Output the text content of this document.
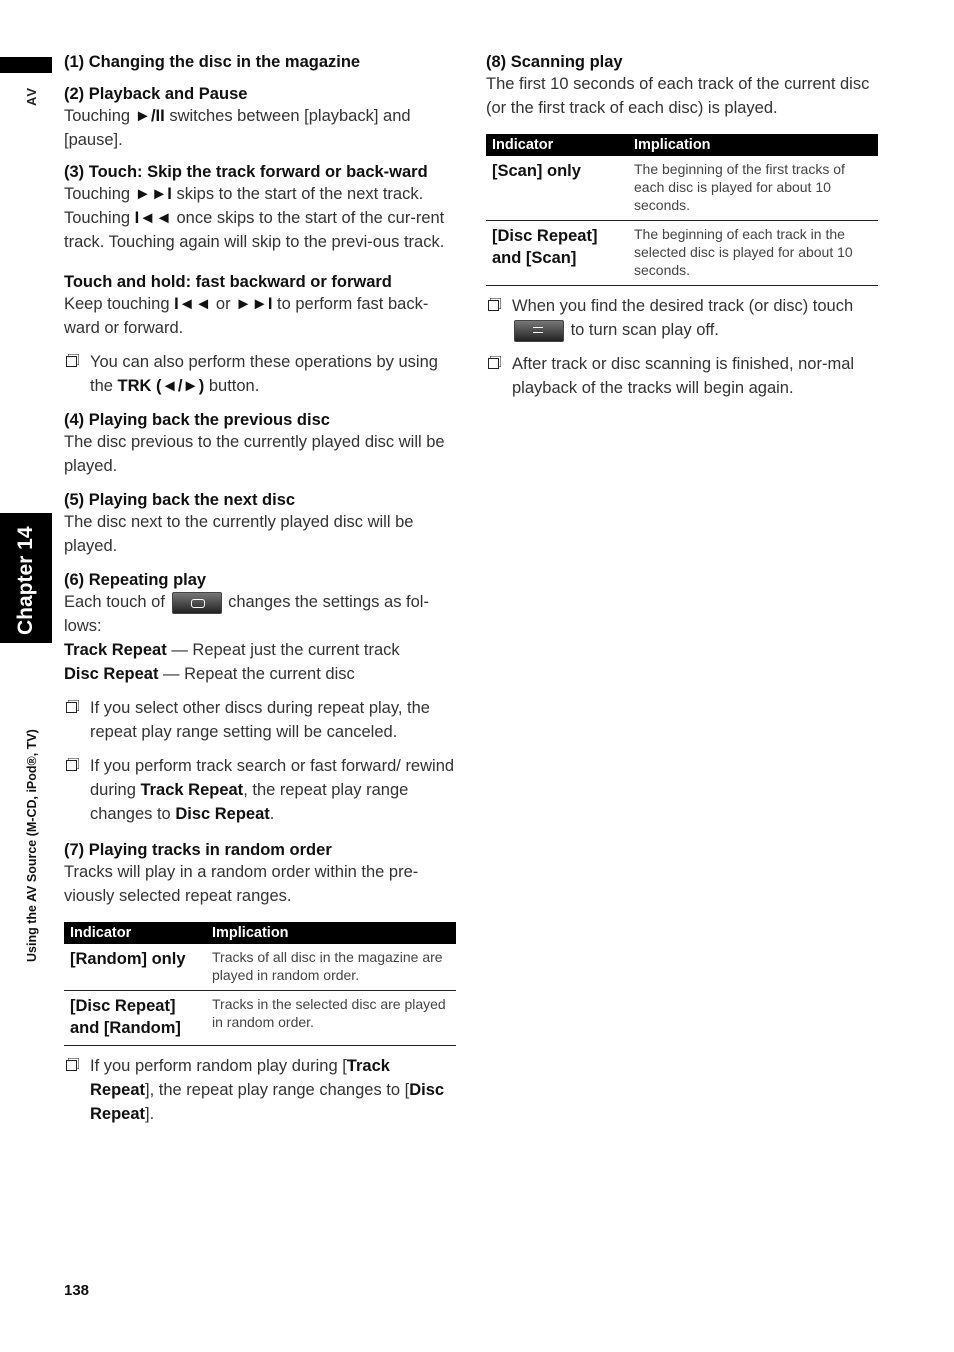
AV
Chapter 14
Using the AV Source (M-CD, iPod®, TV)
(1) Changing the disc in the magazine
(2) Playback and Pause

Touching ►/II switches between [playback] and [pause].

(3) Touch: Skip the track forward or back-ward

Touching ►►I skips to the start of the next track. Touching I◄◄ once skips to the start of the cur-rent track. Touching again will skip to the previ-ous track.

Touch and hold: fast backward or forward

Keep touching I◄◄ or ►►I to perform fast back-ward or forward.

You can also perform these operations by using the TRK (◄/►) button.
(4) Playing back the previous disc

The disc previous to the currently played disc will be played.

(5) Playing back the next disc

The disc next to the currently played disc will be played.

(6) Repeating play

Each touch of	changes the settings as fol-lows:

Track Repeat — Repeat just the current track

Disc Repeat — Repeat the current disc

If you select other discs during repeat play, the repeat play range setting will be canceled.
If you perform track search or fast forward/ rewind during Track Repeat, the repeat play range changes to Disc Repeat.
(7) Playing tracks in random order

Tracks will play in a random order within the pre-viously selected repeat ranges.

Indicator	Implication
[Random] only	Tracks of all disc in the magazine are played in random order.
[Disc Repeat] and [Random]	Tracks in the selected disc are played in random order.
If you perform random play during [Track Repeat], the repeat play range changes to [Disc Repeat].
(8) Scanning play

The first 10 seconds of each track of the current disc (or the first track of each disc) is played.

Indicator	Implication
[Scan] only	The beginning of the first tracks of each disc is played for about 10 seconds.
[Disc Repeat] and [Scan]	The beginning of each track in the selected disc is played for about 10 seconds.
When you find the desired track (or disc) touch  to turn scan play off.
After track or disc scanning is finished, nor-mal playback of the tracks will begin again.
138
